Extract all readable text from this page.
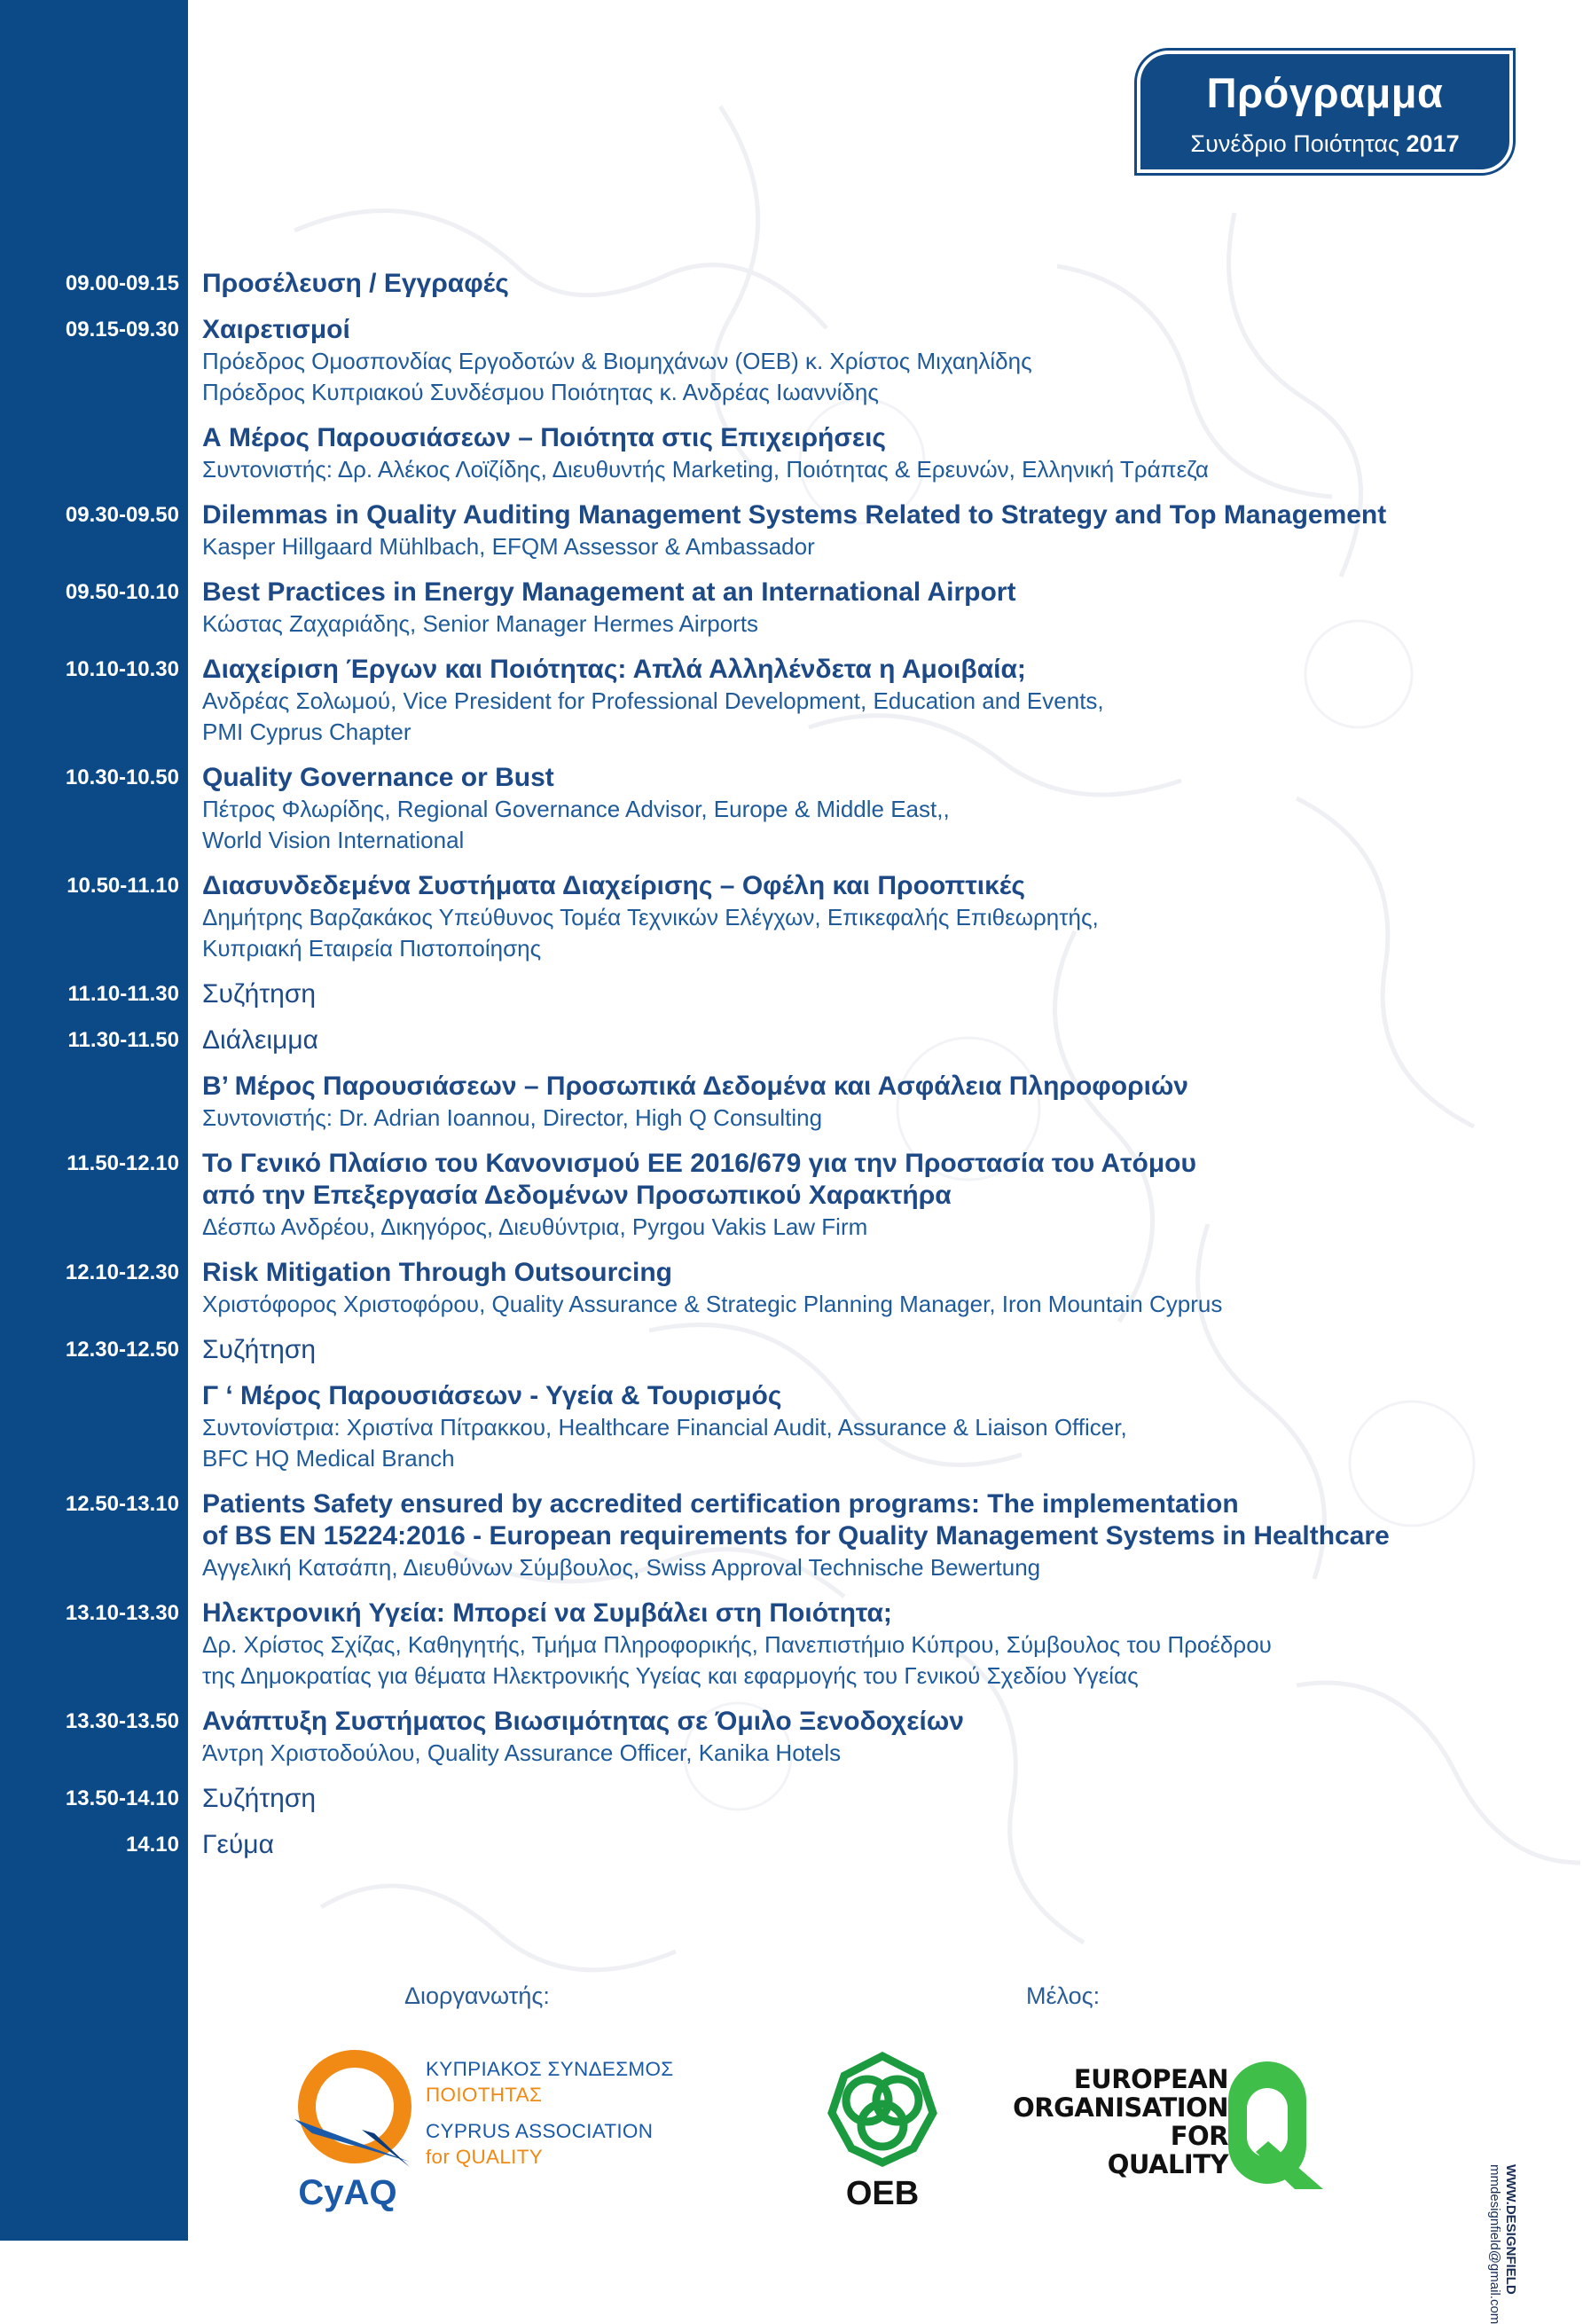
Πρόγραμμα
Συνέδριο Ποιότητας 2017
09.00-09.15 Προσέλευση / Εγγραφές
09.15-09.30 Χαιρετισμοί
Πρόεδρος Ομοσπονδίας Εργοδοτών & Βιομηχάνων (ΟΕΒ) κ. Χρίστος Μιχαηλίδης
Πρόεδρος Κυπριακού Συνδέσμου Ποιότητας κ. Ανδρέας Ιωαννίδης
Α Μέρος Παρουσιάσεων – Ποιότητα στις Επιχειρήσεις
Συντονιστής: Δρ. Αλέκος Λοϊζίδης, Διευθυντής Marketing, Ποιότητας & Ερευνών, Ελληνική Τράπεζα
09.30-09.50 Dilemmas in Quality Auditing Management Systems Related to Strategy and Top Management
Kasper Hillgaard Mühlbach, EFQM Assessor & Ambassador
09.50-10.10 Best Practices in Energy Management at an International Airport
Κώστας Ζαχαριάδης, Senior Manager Hermes Airports
10.10-10.30 Διαχείριση Έργων και Ποιότητας: Απλά Αλληλένδετα η Αμοιβαία;
Ανδρέας Σολωμού, Vice President for Professional Development, Education and Events,
PMI Cyprus Chapter
10.30-10.50 Quality Governance or Bust
Πέτρος Φλωρίδης, Regional Governance Advisor, Europe & Middle East,,
World Vision International
10.50-11.10 Διασυνδεδεμένα Συστήματα Διαχείρισης – Οφέλη και Προοπτικές
Δημήτρης Βαρζακάκος Υπεύθυνος Τομέα Τεχνικών Ελέγχων, Επικεφαλής Επιθεωρητής,
Κυπριακή Εταιρεία Πιστοποίησης
11.10-11.30 Συζήτηση
11.30-11.50 Διάλειμμα
Β’ Μέρος Παρουσιάσεων – Προσωπικά Δεδομένα και Ασφάλεια Πληροφοριών
Συντονιστής: Dr. Adrian Ioannou, Director, High Q Consulting
11.50-12.10 Το Γενικό Πλαίσιο του Κανονισμού ΕΕ 2016/679 για την Προστασία του Ατόμου
από την Επεξεργασία Δεδομένων Προσωπικού Χαρακτήρα
Δέσπω Ανδρέου, Δικηγόρος, Διευθύντρια, Pyrgou Vakis Law Firm
12.10-12.30 Risk Mitigation Through Outsourcing
Χριστόφορος Χριστοφόρου, Quality Assurance & Strategic Planning Manager, Iron Mountain Cyprus
12.30-12.50 Συζήτηση
Γ ‘ Μέρος Παρουσιάσεων - Υγεία & Τουρισμός
Συντονίστρια: Χριστίνα Πίτρακκου, Healthcare Financial Audit, Assurance & Liaison Officer,
BFC HQ Medical Branch
12.50-13.10 Patients Safety ensured by accredited certification programs: The implementation
of BS EN 15224:2016 - European requirements for Quality Management Systems in Healthcare
Αγγελική Κατσάπη, Διευθύνων Σύμβουλος, Swiss Approval Technische Bewertung
13.10-13.30 Ηλεκτρονική Υγεία: Μπορεί να Συμβάλει στη Ποιότητα;
Δρ. Χρίστος Σχίζας, Καθηγητής, Τμήμα Πληροφορικής, Πανεπιστήμιο Κύπρου, Σύμβουλος του Προέδρου
της Δημοκρατίας για θέματα Ηλεκτρονικής Υγείας και εφαρμογής του Γενικού Σχεδίου Υγείας
13.30-13.50 Ανάπτυξη Συστήματος Βιωσιμότητας σε Όμιλο Ξενοδοχείων
Άντρη Χριστοδούλου, Quality Assurance Officer, Kanika Hotels
13.50-14.10 Συζήτηση
14.10 Γεύμα
Διοργανωτής:	Μέλος:
CyAQ
ΚΥΠΡΙΑΚΟΣ ΣΥΝΔΕΣΜΟΣ
ΠΟΙΟΤΗΤΑΣ
CYPRUS ASSOCIATION
for QUALITY
OEB
EUROPEAN
ORGANISATION
FOR
QUALITY	WWW.DESIGNFIELD
mmdesignfield@gmail.com
